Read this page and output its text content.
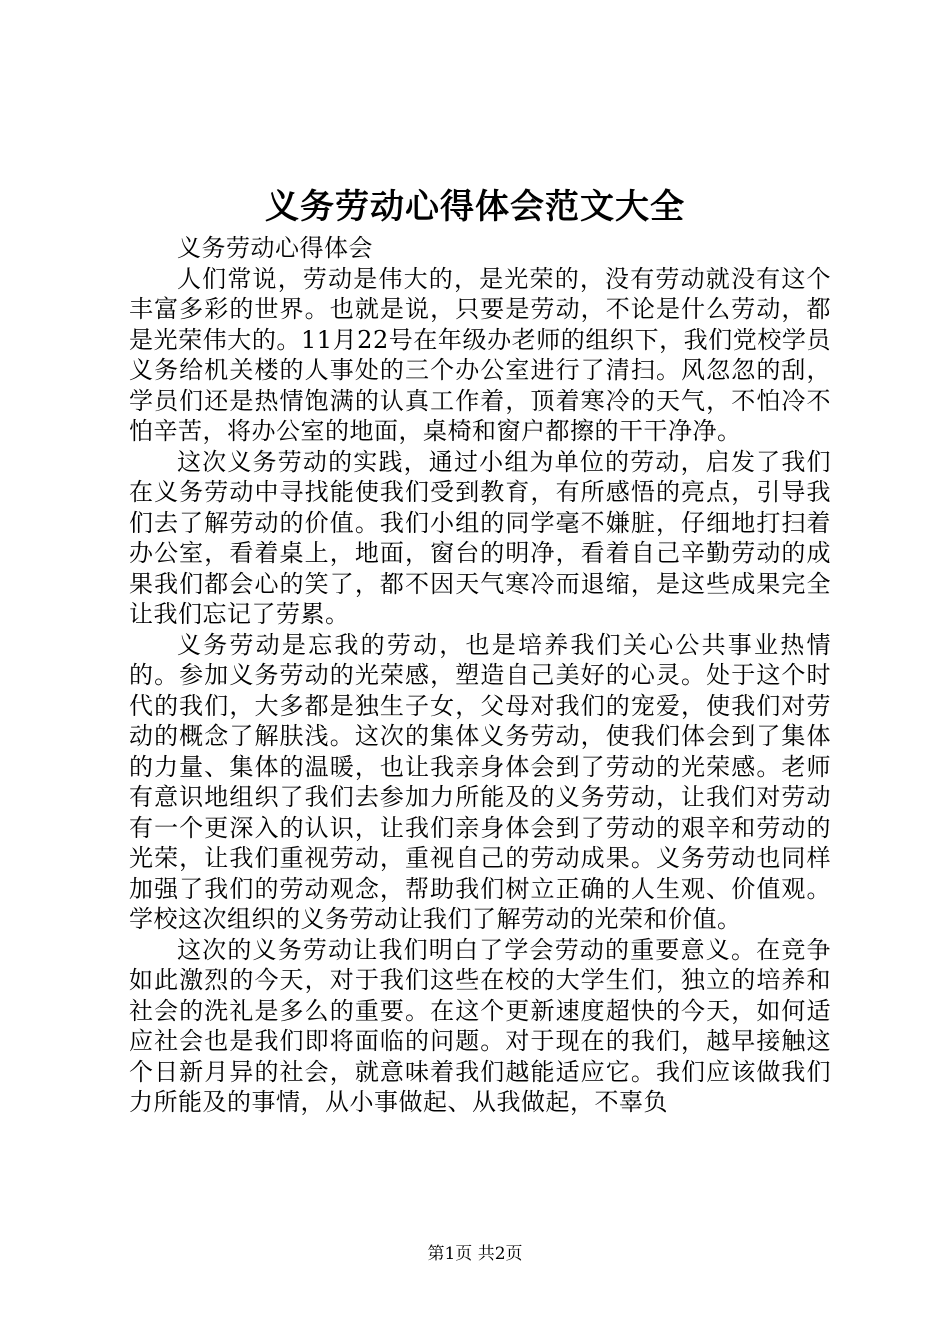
义务劳动心得体会范文大全

义务劳动心得体会

人们常说，劳动是伟大的，是光荣的，没有劳动就没有这个丰富多彩的世界。也就是说，只要是劳动，不论是什么劳动，都是光荣伟大的。11月22号在年级办老师的组织下，我们党校学员义务给机关楼的人事处的三个办公室进行了清扫。风忽忽的刮，学员们还是热情饱满的认真工作着，顶着寒冷的天气，不怕冷不怕辛苦，将办公室的地面，桌椅和窗户都擦的干干净净。

这次义务劳动的实践，通过小组为单位的劳动，启发了我们在义务劳动中寻找能使我们受到教育，有所感悟的亮点，引导我们去了解劳动的价值。我们小组的同学毫不嫌脏，仔细地打扫着办公室，看着桌上，地面，窗台的明净，看着自己辛勤劳动的成果我们都会心的笑了，都不因天气寒冷而退缩，是这些成果完全让我们忘记了劳累。

义务劳动是忘我的劳动，也是培养我们关心公共事业热情的。参加义务劳动的光荣感，塑造自己美好的心灵。处于这个时代的我们，大多都是独生子女，父母对我们的宠爱，使我们对劳动的概念了解肤浅。这次的集体义务劳动，使我们体会到了集体的力量、集体的温暖，也让我亲身体会到了劳动的光荣感。老师有意识地组织了我们去参加力所能及的义务劳动，让我们对劳动有一个更深入的认识，让我们亲身体会到了劳动的艰辛和劳动的光荣，让我们重视劳动，重视自己的劳动成果。义务劳动也同样加强了我们的劳动观念，帮助我们树立正确的人生观、价值观。学校这次组织的义务劳动让我们了解劳动的光荣和价值。

这次的义务劳动让我们明白了学会劳动的重要意义。在竞争如此激烈的今天，对于我们这些在校的大学生们，独立的培养和社会的洗礼是多么的重要。在这个更新速度超快的今天，如何适应社会也是我们即将面临的问题。对于现在的我们，越早接触这个日新月异的社会，就意味着我们越能适应它。我们应该做我们力所能及的事情，从小事做起、从我做起，不辜负

第1页 共2页
